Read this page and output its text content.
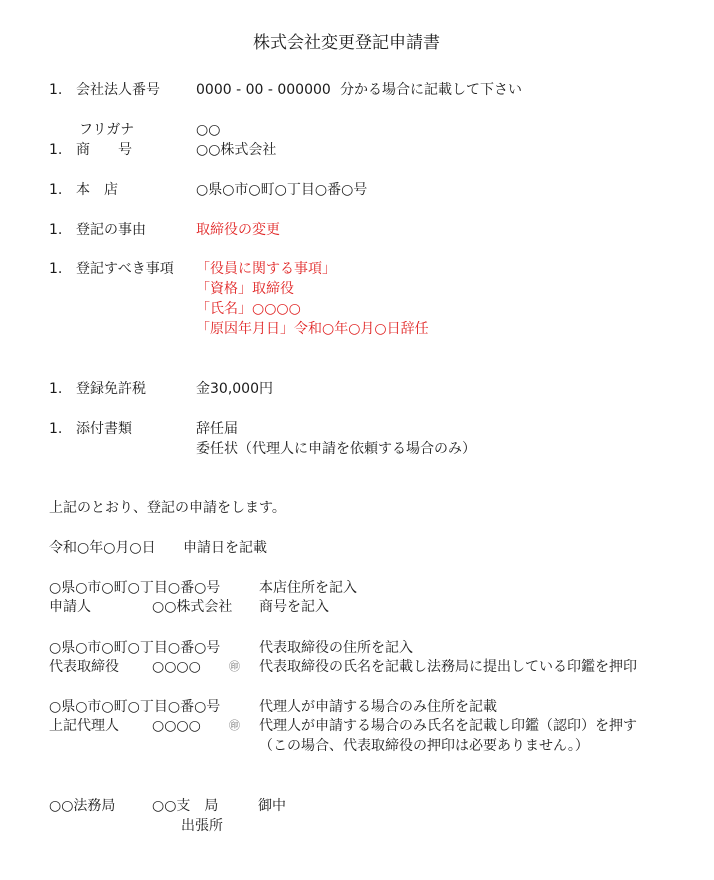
株式会社変更登記申請書
1. 会社法人番号	0000 - 00 - 000000 分かる場合に記載して下さい
フリガナ	○○
1. 商　　号	○○株式会社
1. 本　店	○県○市○町○丁目○番○号
1. 登記の事由	取締役の変更
1. 登記すべき事項 「役員に関する事項」
「資格」取締役
「氏名」○○○○
「原因年月日」令和○年○月○日辞任
1. 登録免許税	金30,000円
1. 添付書類	辞任届
委任状（代理人に申請を依頼する場合のみ）
上記のとおり、登記の申請をします。
令和○年○月○日 申請日を記載
○県○市○町○丁目○番○号	本店住所を記入
申請人	○○株式会社 商号を記入
○県○市○町○丁目○番○号	代表取締役の住所を記入
代表取締役 ○○○○	㊞ 代表取締役の氏名を記載し法務局に提出している印鑑を押印
○県○市○町○丁目○番○号	代理人が申請する場合のみ住所を記載
上記代理人 ○○○○	㊞ 代理人が申請する場合のみ氏名を記載し印鑑（認印）を押す
（この場合、代表取締役の押印は必要ありません。）
○○法務局	○○支　局	御中
出張所
